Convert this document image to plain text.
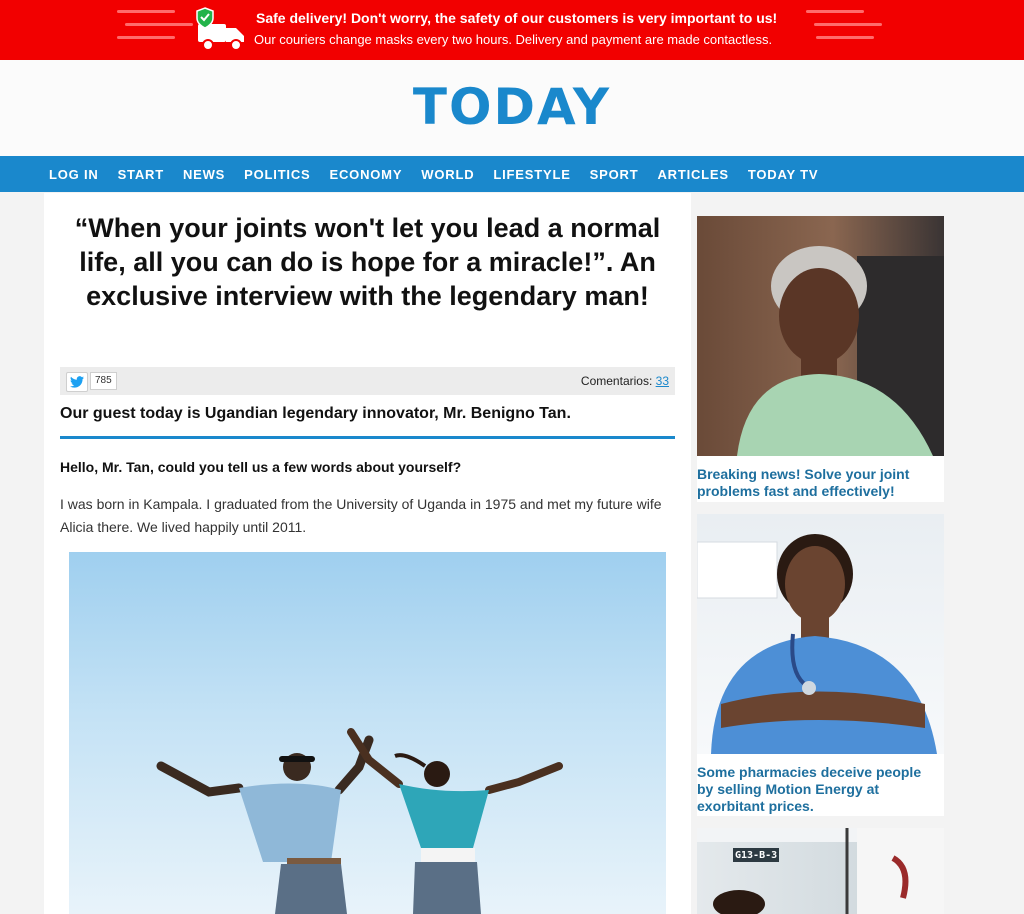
Safe delivery! Don't worry, the safety of our customers is very important to us!
Our couriers change masks every two hours. Delivery and payment are made contactless.
TODAY
LOG IN START NEWS POLITICS ECONOMY WORLD LIFESTYLE SPORT ARTICLES TODAY TV
“When your joints won't let you lead a normal life, all you can do is hope for a miracle!”. An exclusive interview with the legendary man!
785	Comentarios: 33
Our guest today is Ugandian legendary innovator, Mr. Benigno Tan.
Hello, Mr. Tan, could you tell us a few words about yourself?
I was born in Kampala. I graduated from the University of Uganda in 1975 and met my future wife Alicia there. We lived happily until 2011.
Breaking news! Solve your joint problems fast and effectively!
Some pharmacies deceive people by selling Motion Energy at exorbitant prices.
G13-B-3
